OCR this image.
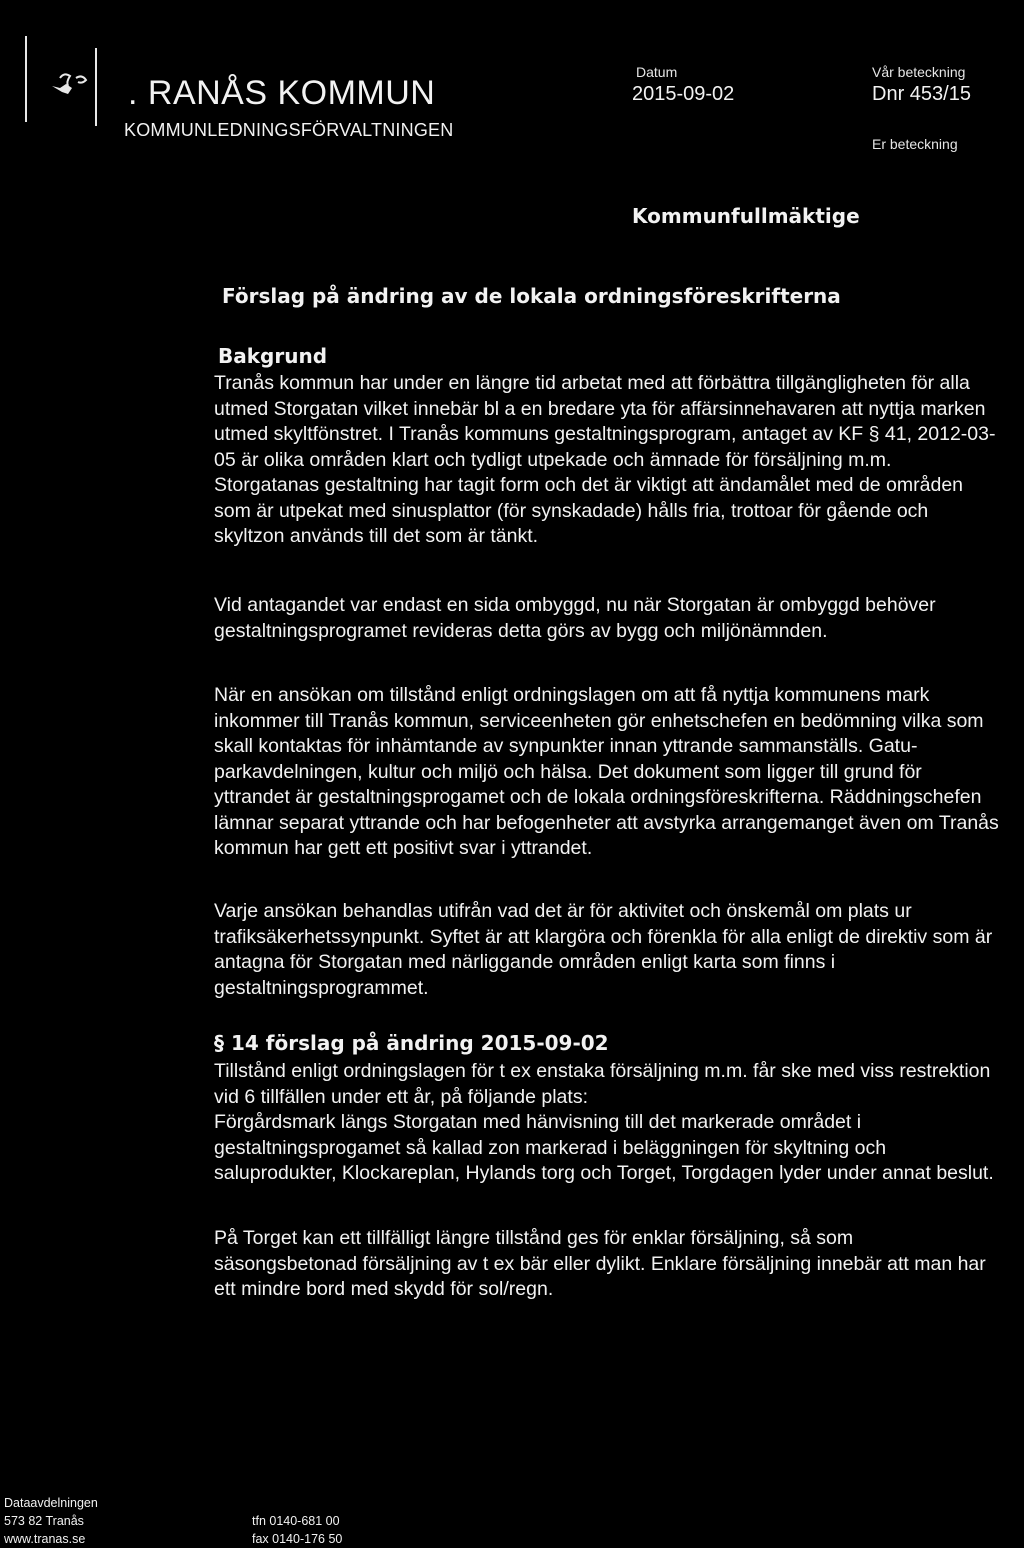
. RANÅS KOMMUN
KOMMUNLEDNINGSFÖRVALTNINGEN
Datum
2015-09-02
Vår beteckning
Dnr 453/15
Er beteckning
Kommunfullmäktige
Förslag på ändring av de lokala ordningsföreskrifterna
Bakgrund
Tranås kommun har under en längre tid arbetat med att förbättra tillgängligheten för alla
utmed Storgatan vilket innebär bl a en bredare yta för affärsinnehavaren att nyttja marken
utmed skyltfönstret. I Tranås kommuns gestaltningsprogram, antaget av KF § 41, 2012-03-
05 är olika områden klart och tydligt utpekade och ämnade för försäljning m.m.
Storgatanas gestaltning har tagit form och det är viktigt att ändamålet med de områden
som är utpekat med sinusplattor (för synskadade) hålls fria, trottoar för gående och
skyltzon används till det som är tänkt.
Vid antagandet var endast en sida ombyggd, nu när Storgatan är ombyggd behöver
gestaltningsprogramet revideras detta görs av bygg och miljönämnden.
När en ansökan om tillstånd enligt ordningslagen om att få nyttja kommunens mark
inkommer till Tranås kommun, serviceenheten gör enhetschefen en bedömning vilka som
skall kontaktas för inhämtande av synpunkter innan yttrande sammanställs. Gatu-
parkavdelningen, kultur och miljö och hälsa. Det dokument som ligger till grund för
yttrandet är gestaltningsprogamet och de lokala ordningsföreskrifterna. Räddningschefen
lämnar separat yttrande och har befogenheter att avstyrka arrangemanget även om Tranås
kommun har gett ett positivt svar i yttrandet.
Varje ansökan behandlas utifrån vad det är för aktivitet och önskemål om plats ur
trafiksäkerhetssynpunkt. Syftet är att klargöra och förenkla för alla enligt de direktiv som är
antagna för Storgatan med närliggande områden enligt karta som finns i
gestaltningsprogrammet.
§ 14 förslag på ändring 2015-09-02
Tillstånd enligt ordningslagen för t ex enstaka försäljning m.m. får ske med viss restrektion
vid 6 tillfällen under ett år, på följande plats:
Förgårdsmark längs Storgatan med hänvisning till det markerade området i
gestaltningsprogamet så kallad zon markerad i beläggningen för skyltning och
saluprodukter, Klockareplan, Hylands torg och Torget, Torgdagen lyder under annat beslut.
På Torget kan ett tillfälligt längre tillstånd ges för enklar försäljning, så som
säsongsbetonad försäljning av t ex bär eller dylikt. Enklare försäljning innebär att man har
ett mindre bord med skydd för sol/regn.
Dataavdelningen
573 82 Tranås
www.tranas.se
tfn 0140-681 00
fax 0140-176 50
